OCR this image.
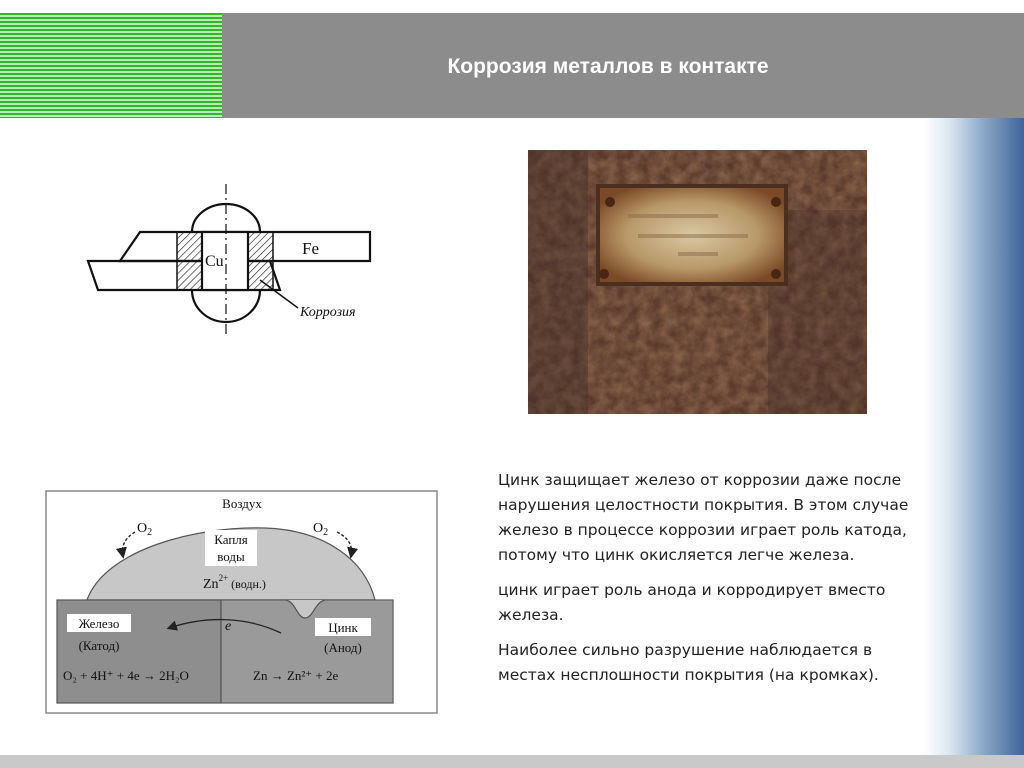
Коррозия металлов в контакте
Cu
Fe
Коррозия
Воздух
$O_2$	$O_2$
Капля
воды
$Zn^{2+}$ (водн.)
Железо
(Катод)
Цинк
(Анод)
e
O₂ + 4H⁺ + 4e → 2H₂O	Zn → Zn²⁺ + 2e

Цинк защищает железо от коррозии даже после нарушения целостности покрытия. В этом случае железо в процессе коррозии играет роль катода, потому что цинк окисляется легче железа.

цинк играет роль анода и корродирует вместо железа.

Наиболее сильно разрушение наблюдается в местах несплошности покрытия (на кромках).
